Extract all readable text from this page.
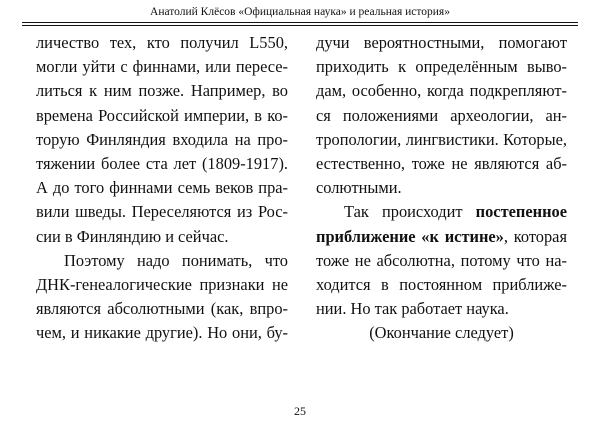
Анатолий Клёсов «Официальная наука» и реальная история»
личество тех, кто получил L550,
могли уйти с финнами, или пересе-
литься к ним позже. Например, во
времена Российской империи, в ко-
торую Финляндия входила на про-
тяжении более ста лет (1809-1917).
А до того финнами семь веков пра-
вили шведы. Переселяются из Рос-
сии в Финляндию и сейчас.
Поэтому надо понимать, что
ДНК-генеалогические признаки не
являются абсолютными (как, впро-
чем, и никакие другие). Но они, бу-
дучи вероятностными, помогают
приходить к определённым выво-
дам, особенно, когда подкрепляют-
ся положениями археологии, ан-
тропологии, лингвистики. Которые,
естественно, тоже не являются аб-
солютными.
Так происходит постепенное
приближение «к истине», которая
тоже не абсолютна, потому что на-
ходится в постоянном приближе-
нии. Но так работает наука.
(Окончание следует)
25
